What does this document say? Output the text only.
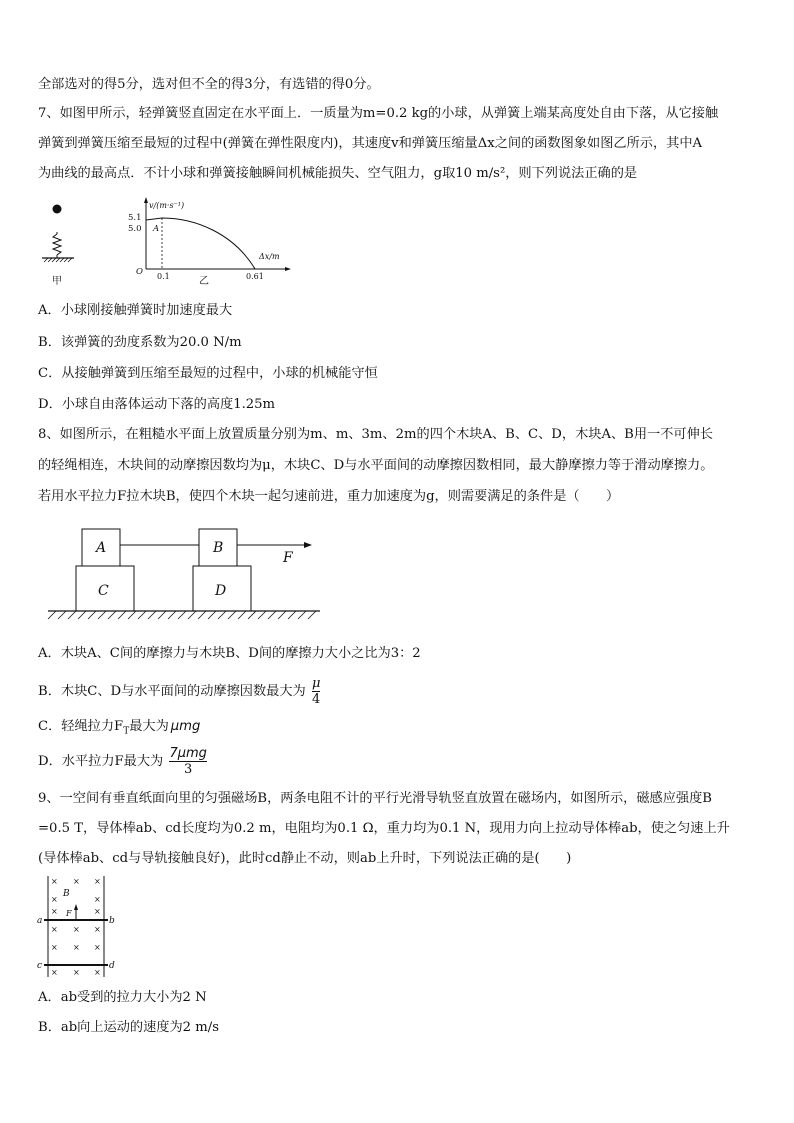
全部选对的得5分，选对但不全的得3分，有选错的得0分。
7、如图甲所示，轻弹簧竖直固定在水平面上．一质量为m=0.2 kg的小球，从弹簧上端某高度处自由下落，从它接触
弹簧到弹簧压缩至最短的过程中(弹簧在弹性限度内)，其速度v和弹簧压缩量Δx之间的函数图象如图乙所示，其中A
为曲线的最高点．不计小球和弹簧接触瞬间机械能损失、空气阻力，g取10 m/s²，则下列说法正确的是
甲
v/(m·s⁻¹)
5.1
5.0 A
O 0.1	0.61
Δx/m
乙
A．小球刚接触弹簧时加速度最大
B．该弹簧的劲度系数为20.0 N/m
C．从接触弹簧到压缩至最短的过程中，小球的机械能守恒
D．小球自由落体运动下落的高度1.25m
8、如图所示，在粗糙水平面上放置质量分别为m、m、3m、2m的四个木块A、B、C、D，木块A、B用一不可伸长
的轻绳相连，木块间的动摩擦因数均为μ，木块C、D与水平面间的动摩擦因数相同，最大静摩擦力等于滑动摩擦力。
若用水平拉力F拉木块B，使四个木块一起匀速前进，重力加速度为g，则需要满足的条件是（　　）
A	B
C	D
F
A．木块A、C间的摩擦力与木块B、D间的摩擦力大小之比为3：2
B．木块C、D与水平面间的动摩擦因数最大为 $\frac{\mu}{4}$
C．轻绳拉力$F_T$最大为 μmg
D．水平拉力F最大为 $\frac{\text{7μmg}}{3}$
9、一空间有垂直纸面向里的匀强磁场B，两条电阻不计的平行光滑导轨竖直放置在磁场内，如图所示，磁感应强度B
=0.5 T，导体棒ab、cd长度均为0.2 m，电阻均为0.1 Ω，重力均为0.1 N，现用力向上拉动导体棒ab，使之匀速上升
(导体棒ab、cd与导轨接触良好)，此时cd静止不动，则ab上升时，下列说法正确的是(　　)
B
F
a	b
c	d
× × ×
×	×
×	×
× × ×
× × ×
× × ×
A．ab受到的拉力大小为2 N
B．ab向上运动的速度为2 m/s
